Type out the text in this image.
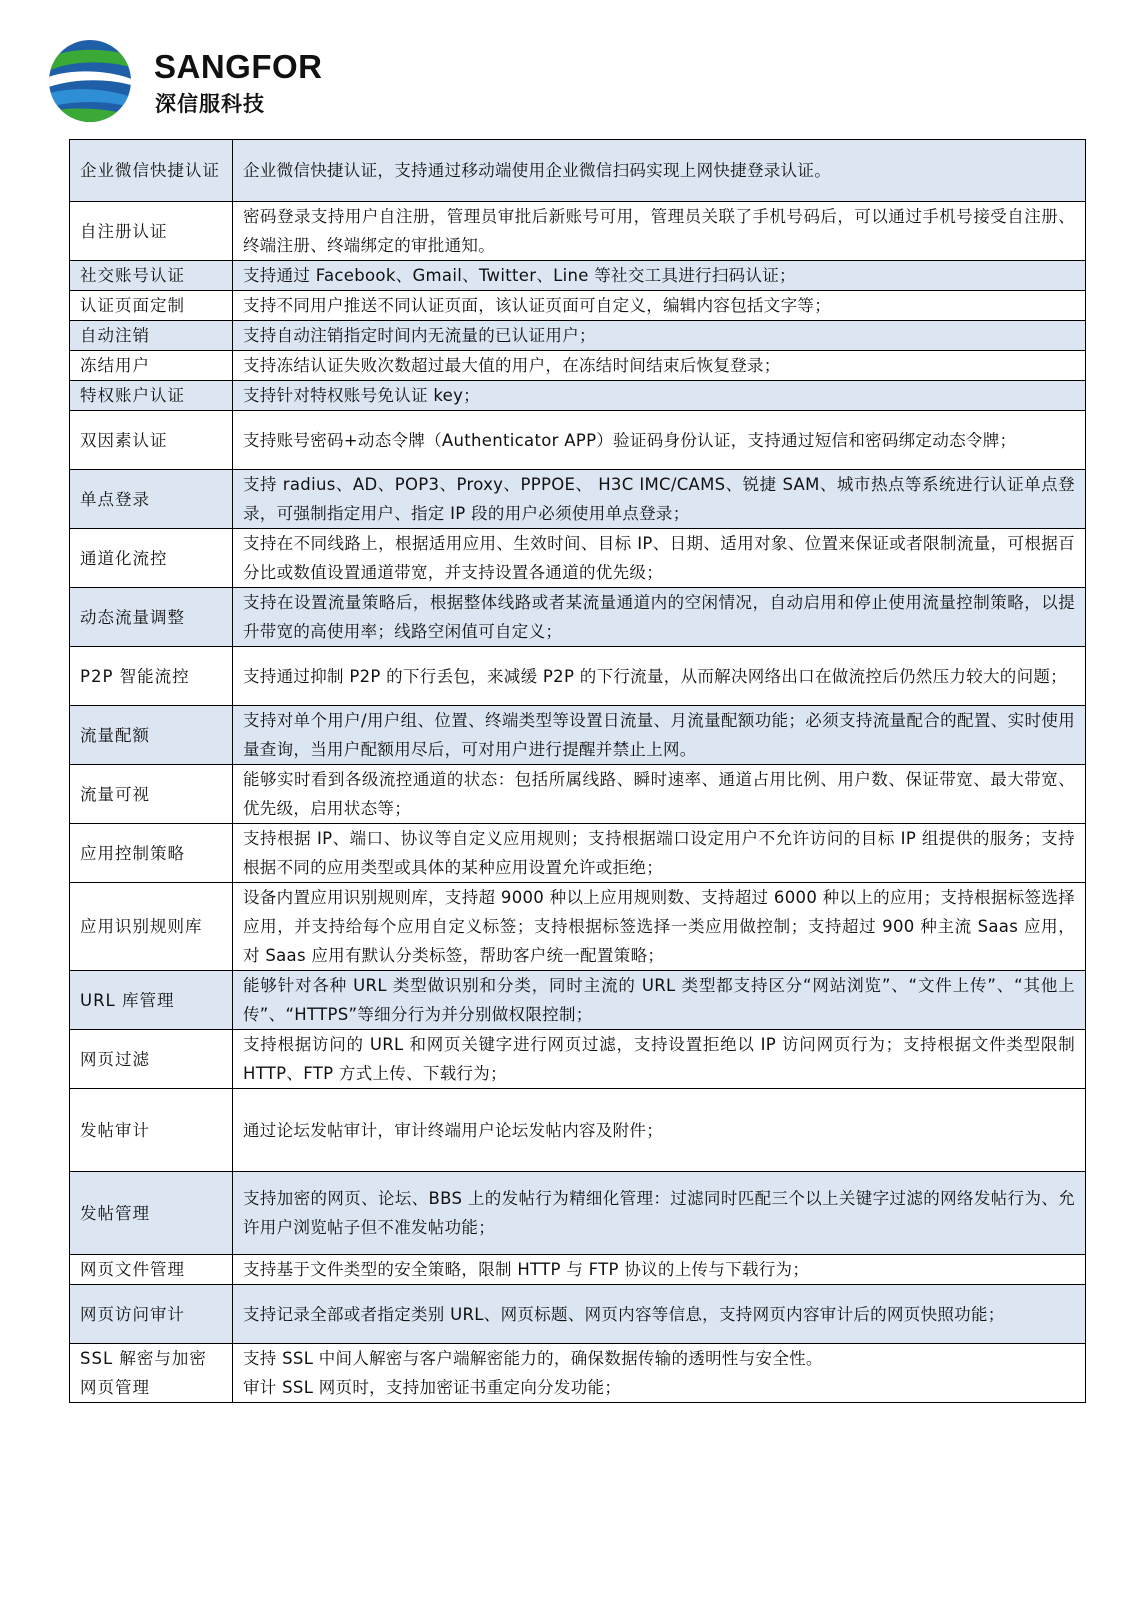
SANGFOR
深信服科技
企业微信快捷认证	企业微信快捷认证，支持通过移动端使用企业微信扫码实现上网快捷登录认证。

自注册认证	密码登录支持用户自注册，管理员审批后新账号可用，管理员关联了手机号码后，可以通过手机号接受自注册、终端注册、终端绑定的审批通知。

社交账号认证	支持通过 Facebook、Gmail、Twitter、Line 等社交工具进行扫码认证；

认证页面定制	支持不同用户推送不同认证页面，该认证页面可自定义，编辑内容包括文字等；

自动注销	支持自动注销指定时间内无流量的已认证用户；

冻结用户	支持冻结认证失败次数超过最大值的用户，在冻结时间结束后恢复登录；

特权账户认证	支持针对特权账号免认证 key；

双因素认证	支持账号密码+动态令牌（Authenticator APP）验证码身份认证，支持通过短信和密码绑定动态令牌；

单点登录	支持 radius、AD、POP3、Proxy、PPPOE、 H3C IMC/CAMS、锐捷 SAM、城市热点等系统进行认证单点登录，可强制指定用户、指定 IP 段的用户必须使用单点登录；

通道化流控	支持在不同线路上，根据适用应用、生效时间、目标 IP、日期、适用对象、位置来保证或者限制流量，可根据百分比或数值设置通道带宽，并支持设置各通道的优先级；

动态流量调整	支持在设置流量策略后，根据整体线路或者某流量通道内的空闲情况，自动启用和停止使用流量控制策略，以提升带宽的高使用率；线路空闲值可自定义；

P2P 智能流控	支持通过抑制 P2P 的下行丢包，来减缓 P2P 的下行流量，从而解决网络出口在做流控后仍然压力较大的问题；

流量配额	支持对单个用户/用户组、位置、终端类型等设置日流量、月流量配额功能；必须支持流量配合的配置、实时使用量查询，当用户配额用尽后，可对用户进行提醒并禁止上网。

流量可视	能够实时看到各级流控通道的状态：包括所属线路、瞬时速率、通道占用比例、用户数、保证带宽、最大带宽、优先级，启用状态等；

应用控制策略	支持根据 IP、端口、协议等自定义应用规则；支持根据端口设定用户不允许访问的目标 IP 组提供的服务；支持根据不同的应用类型或具体的某种应用设置允许或拒绝；

应用识别规则库	设备内置应用识别规则库，支持超 9000 种以上应用规则数、支持超过 6000 种以上的应用；支持根据标签选择应用，并支持给每个应用自定义标签；支持根据标签选择一类应用做控制；支持超过 900 种主流 Saas 应用，对 Saas 应用有默认分类标签，帮助客户统一配置策略；

URL 库管理	能够针对各种 URL 类型做识别和分类，同时主流的 URL 类型都支持区分“网站浏览”、“文件上传”、“其他上传”、“HTTPS”等细分行为并分别做权限控制；

网页过滤	支持根据访问的 URL 和网页关键字进行网页过滤，支持设置拒绝以 IP 访问网页行为；支持根据文件类型限制 HTTP、FTP 方式上传、下载行为；

发帖审计	通过论坛发帖审计，审计终端用户论坛发帖内容及附件；

发帖管理	支持加密的网页、论坛、BBS 上的发帖行为精细化管理：过滤同时匹配三个以上关键字过滤的网络发帖行为、允许用户浏览帖子但不准发帖功能；

网页文件管理	支持基于文件类型的安全策略，限制 HTTP 与 FTP 协议的上传与下载行为；

网页访问审计	支持记录全部或者指定类别 URL、网页标题、网页内容等信息，支持网页内容审计后的网页快照功能；

SSL 解密与加密网页管理	支持 SSL 中间人解密与客户端解密能力的，确保数据传输的透明性与安全性。
审计 SSL 网页时，支持加密证书重定向分发功能；
